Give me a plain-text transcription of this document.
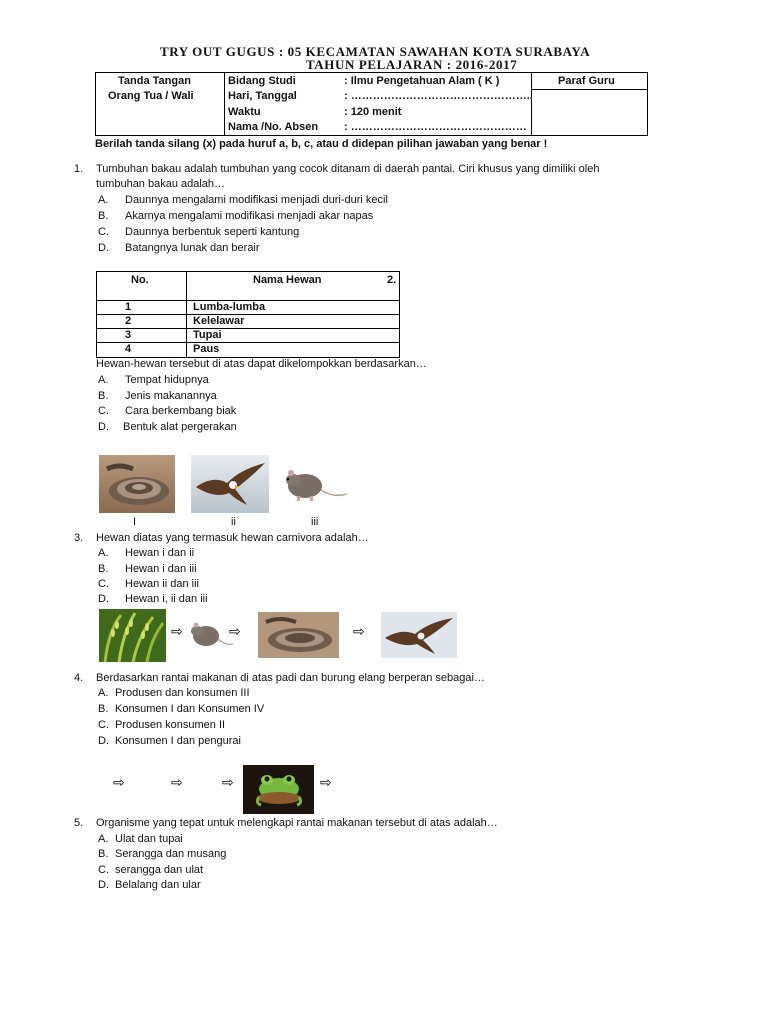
TRY OUT GUGUS : 05 KECAMATAN SAWAHAN KOTA SURABAYA
TAHUN PELAJARAN : 2016-2017
Tanda Tangan
Orang Tua / Wali
Bidang Studi	: Ilmu Pengetahuan Alam ( K )
Hari, Tanggal	: …………………………………………..
Waktu	: 120 menit
Nama /No. Absen : …………………………………………
Paraf Guru
Berilah tanda silang (x) pada huruf a, b, c, atau d didepan pilihan jawaban yang benar !
1. Tumbuhan bakau adalah tumbuhan yang cocok ditanam di daerah pantai. Ciri khusus yang dimiliki oleh
tumbuhan bakau adalah…
A. Daunnya mengalami modifikasi menjadi duri-duri kecil
B. Akarnya mengalami modifikasi menjadi akar napas
C. Daunnya berbentuk seperti kantung
D. Batangnya lunak dan berair
No.	Nama Hewan	2.
1	Lumba-lumba
2	Kelelawar
3	Tupai
4	Paus
Hewan-hewan tersebut di atas dapat dikelompokkan berdasarkan…
A. Tempat hidupnya
B. Jenis makanannya
C. Cara berkembang biak
D. Bentuk alat pergerakan
I	ii	iii
3. Hewan diatas yang termasuk hewan carnivora adalah…
A. Hewan i dan ii
B. Hewan i dan iii
C. Hewan ii dan iii
D. Hewan i, ii dan iii
⇨	⇨	⇨
4. Berdasarkan rantai makanan di atas padi dan burung elang berperan sebagai…
A. Produsen dan konsumen III
B. Konsumen I dan Konsumen IV
C. Produsen konsumen II
D. Konsumen I dan pengurai
⇨	⇨	⇨	⇨
5. Organisme yang tepat untuk melengkapi rantai makanan tersebut di atas adalah…
A. Ulat dan tupai
B. Serangga dan musang
C. serangga dan ulat
D. Belalang dan ular
